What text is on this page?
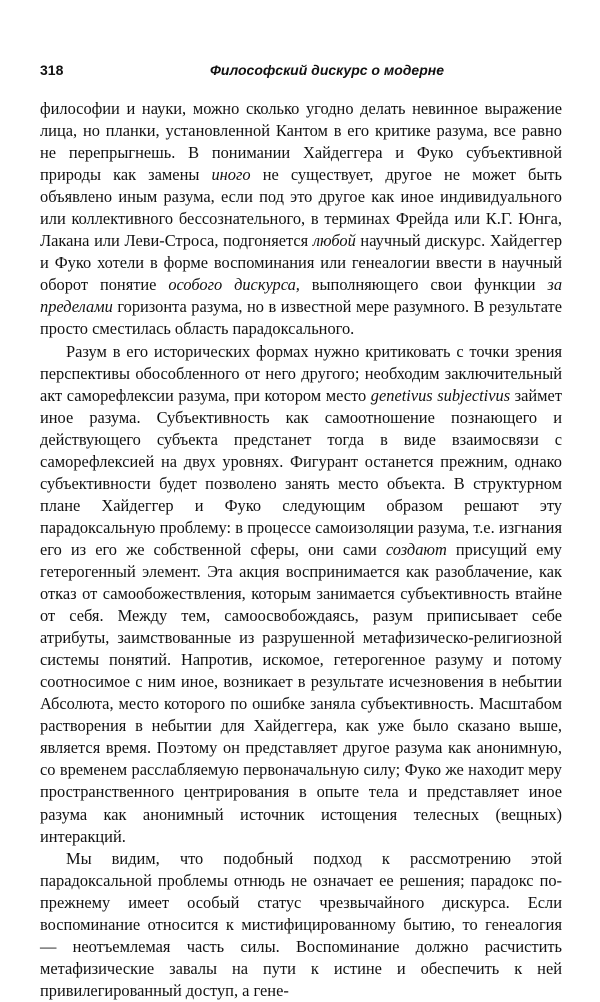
318	Философский дискурс о модерне

философии и науки, можно сколько угодно делать невинное выражение лица, но планки, установленной Кантом в его критике разума, все равно не перепрыгнешь. В понимании Хайдеггера и Фуко субъективной природы как замены иного не существует, другое не может быть объявлено иным разума, если под это другое как иное индивидуального или коллективного бессознательного, в терминах Фрейда или К.Г. Юнга, Лакана или Леви-Строса, подгоняется любой научный дискурс. Хайдеггер и Фуко хотели в форме воспоминания или генеалогии ввести в научный оборот понятие особого дискурса, выполняющего свои функции за пределами горизонта разума, но в известной мере разумного. В результате просто сместилась область парадоксального.

Разум в его исторических формах нужно критиковать с точки зрения перспективы обособленного от него другого; необходим заключительный акт саморефлексии разума, при котором место genetivus subjectivus займет иное разума. Субъективность как самоотношение познающего и действующего субъекта предстанет тогда в виде взаимосвязи с саморефлексией на двух уровнях. Фигурант останется прежним, однако субъективности будет позволено занять место объекта. В структурном плане Хайдеггер и Фуко следующим образом решают эту парадоксальную проблему: в процессе самоизоляции разума, т.е. изгнания его из его же собственной сферы, они сами создают присущий ему гетерогенный элемент. Эта акция воспринимается как разоблачение, как отказ от самообожествления, которым занимается субъективность втайне от себя. Между тем, самоосвобождаясь, разум приписывает себе атрибуты, заимствованные из разрушенной метафизическо-религиозной системы понятий. Напротив, искомое, гетерогенное разуму и потому соотносимое с ним иное, возникает в результате исчезновения в небытии Абсолюта, место которого по ошибке заняла субъективность. Масштабом растворения в небытии для Хайдеггера, как уже было сказано выше, является время. Поэтому он представляет другое разума как анонимную, со временем расслабляемую первоначальную силу; Фуко же находит меру пространственного центрирования в опыте тела и представляет иное разума как анонимный источник истощения телесных (вещных) интеракций.

Мы видим, что подобный подход к рассмотрению этой парадоксальной проблемы отнюдь не означает ее решения; парадокс по-прежнему имеет особый статус чрезвычайного дискурса. Если воспоминание относится к мистифицированному бытию, то генеалогия — неотъемлемая часть силы. Воспоминание должно расчистить метафизические завалы на пути к истине и обеспечить к ней привилегированный доступ, а гене-
